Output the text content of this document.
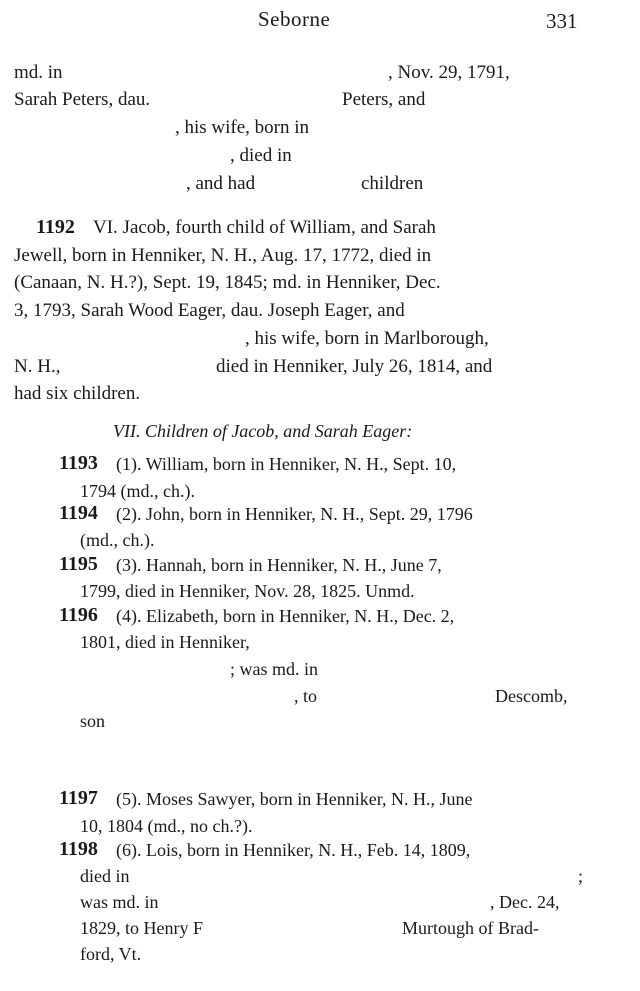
Seborne	331
md. in	, Nov. 29, 1791,
Sarah Peters, dau.	Peters, and
, his wife, born in
, died in
, and had	children
1192 VI. Jacob, fourth child of William, and Sarah
Jewell, born in Henniker, N. H., Aug. 17, 1772, died in
(Canaan, N. H.?), Sept. 19, 1845; md. in Henniker, Dec.
3, 1793, Sarah Wood Eager, dau. Joseph Eager, and
, his wife, born in Marlborough,
N. H.,	died in Henniker, July 26, 1814, and
had six children.
VII. Children of Jacob, and Sarah Eager:
1193 (1). William, born in Henniker, N. H., Sept. 10,
1794 (md., ch.).
1194 (2). John, born in Henniker, N. H., Sept. 29, 1796
(md., ch.).
1195 (3). Hannah, born in Henniker, N. H., June 7,
1799, died in Henniker, Nov. 28, 1825. Unmd.
1196 (4). Elizabeth, born in Henniker, N. H., Dec. 2,
1801, died in Henniker,
; was md. in
, to	Descomb,
son
1197 (5). Moses Sawyer, born in Henniker, N. H., June
10, 1804 (md., no ch.?).
1198 (6). Lois, born in Henniker, N. H., Feb. 14, 1809,
died in	;
was md. in	, Dec. 24,
1829, to Henry F	Murtough of Brad-
ford, Vt.
